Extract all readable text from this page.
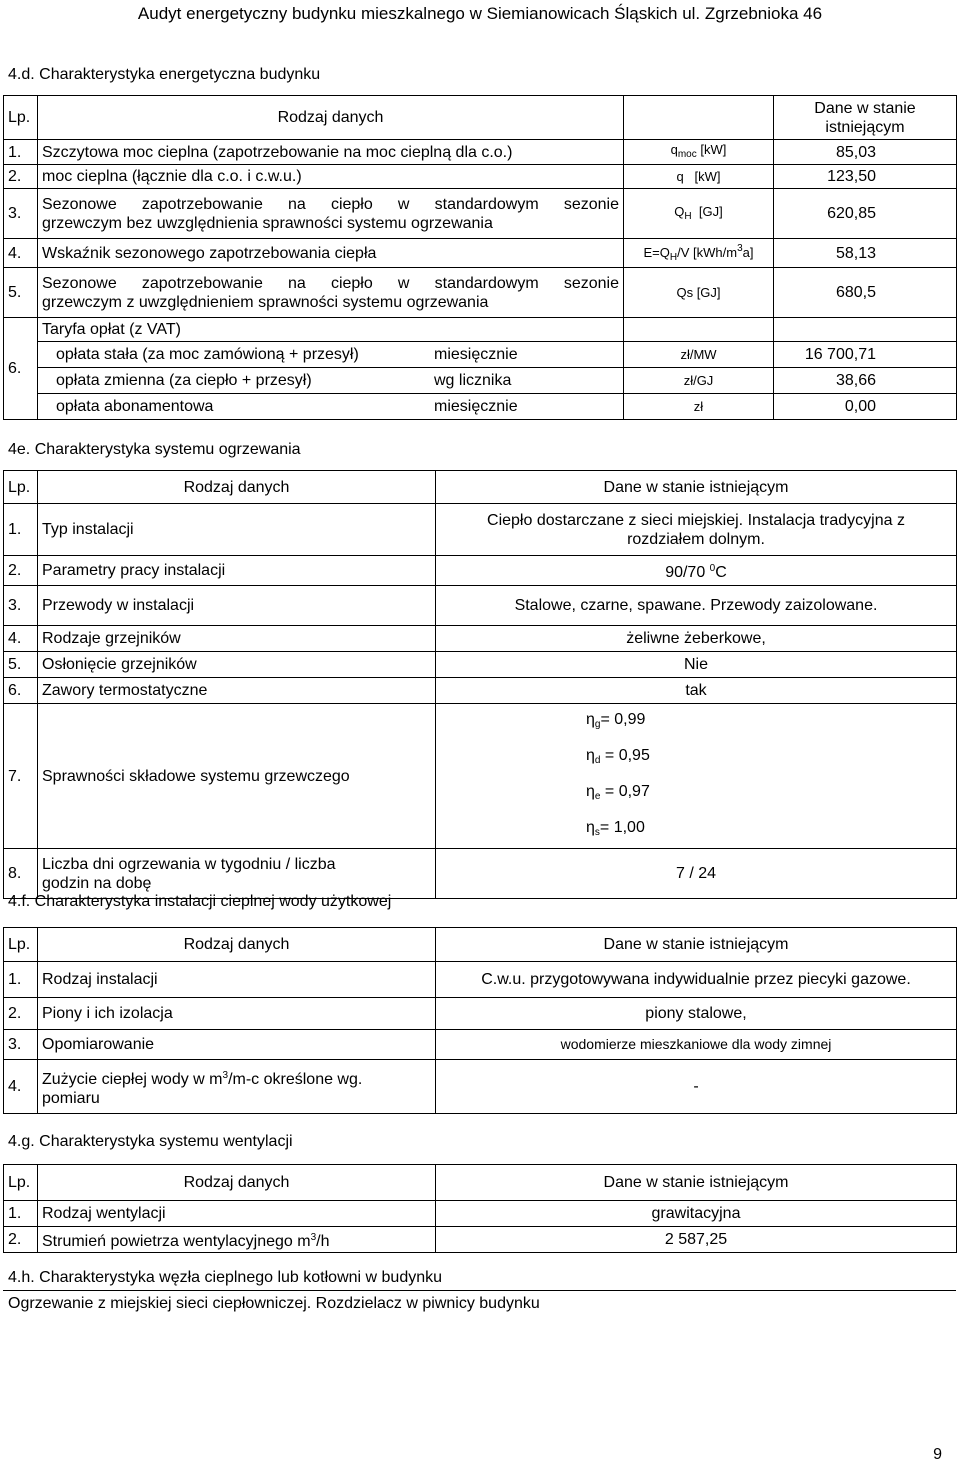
Audyt energetyczny budynku mieszkalnego w Siemianowicach Śląskich ul. Zgrzebnioka 46
4.d. Charakterystyka energetyczna budynku
Lp.	Rodzaj danych		Dane w stanie
istniejącym
1.	Szczytowa moc cieplna (zapotrzebowanie na moc cieplną dla c.o.)	$q_{moc}$ [kW]	85,03
2.	moc cieplna (łącznie dla c.o. i c.w.u.)	q [kW]	123,50
3.	Sezonowe zapotrzebowanie na ciepło w standardowym sezonie
grzewczym bez uwzględnienia sprawności systemu ogrzewania	$Q_H$ [GJ]	620,85
4.	Wskaźnik sezonowego zapotrzebowania ciepła	$E=Q_H/V$ $[kWh/m^3a]$	58,13
5.	Sezonowe zapotrzebowanie na ciepło w standardowym sezonie
grzewczym z uwzględnieniem sprawności systemu ogrzewania	Qs [GJ]	680,5
6.	Taryfa opłat (z VAT)		
	opłata stała (za moc zamówioną + przesył) miesięcznie	zł/MW	16 700,71
	opłata zmienna (za ciepło + przesył) wg licznika	zł/GJ	38,66
	opłata abonamentowa miesięcznie	zł	0,00
4e. Charakterystyka systemu ogrzewania
Lp.	Rodzaj danych	Dane w stanie istniejącym
1.	Typ instalacji	Ciepło dostarczane z sieci miejskiej. Instalacja tradycyjna z
rozdziałem dolnym.
2.	Parametry pracy instalacji	90/70 $^0$C
3.	Przewody w instalacji	Stalowe, czarne, spawane. Przewody zaizolowane.
4.	Rodzaje grzejników	żeliwne żeberkowe,
5.	Osłonięcie grzejników	Nie
6.	Zawory termostatyczne	tak
7.	Sprawności składowe systemu grzewczego	$\eta_g= 0,99$
$\eta_d = 0,95$
$\eta_e = 0,97$
$\eta_s= 1,00$

8.	Liczba dni ogrzewania w tygodniu / liczba
godzin na dobę	7 / 24
4.f. Charakterystyka instalacji cieplnej wody użytkowej
Lp.	Rodzaj danych	Dane w stanie istniejącym
1.	Rodzaj instalacji	C.w.u. przygotowywana indywidualnie przez piecyki gazowe.
2.	Piony i ich izolacja	piony stalowe,
3.	Opomiarowanie	wodomierze mieszkaniowe dla wody zimnej
4.	Zużycie ciepłej wody w $m^3/m-c$ określone wg.
pomiaru	-
4.g. Charakterystyka systemu wentylacji
Lp.	Rodzaj danych	Dane w stanie istniejącym
1.	Rodzaj wentylacji	grawitacyjna
2.	Strumień powietrza wentylacyjnego $m^3/h$	2 587,25
4.h. Charakterystyka węzła cieplnego lub kotłowni w budynku
Ogrzewanie z miejskiej sieci ciepłowniczej. Rozdzielacz w piwnicy budynku
9
